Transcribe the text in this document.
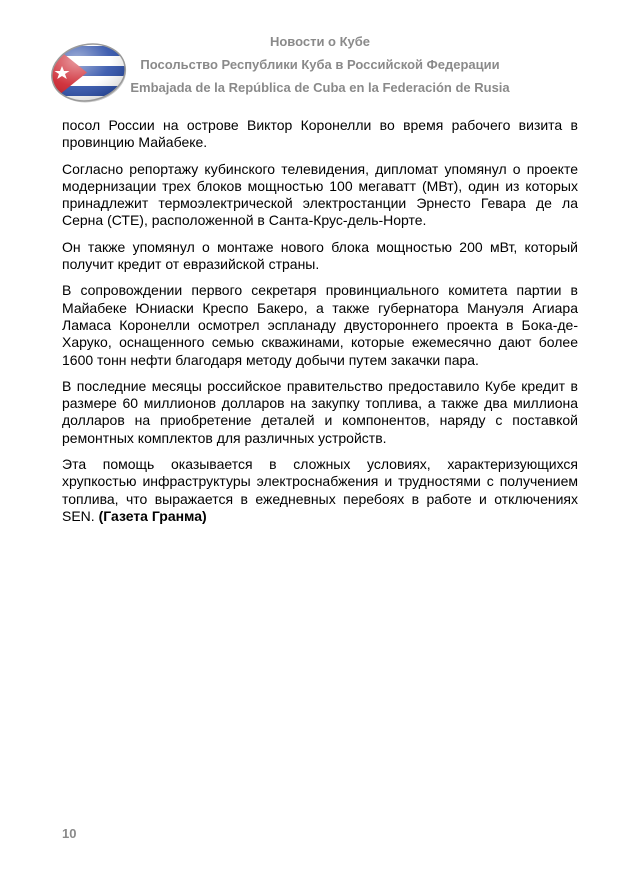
Новости о Кубе
Посольство Республики Куба в Российской Федерации
Embajada de la República de Cuba en la Federación de Rusia

посол России на острове Виктор Коронелли во время рабочего визита в провинцию Майабеке.

Согласно репортажу кубинского телевидения, дипломат упомянул о проекте модернизации трех блоков мощностью 100 мегаватт (МВт), один из которых принадлежит термоэлектрической электростанции Эрнесто Гевара де ла Серна (СТЕ), расположенной в Санта-Крус-дель-Норте.

Он также упомянул о монтаже нового блока мощностью 200 мВт, который получит кредит от евразийской страны.

В сопровождении первого секретаря провинциального комитета партии в Майабеке Юниаски Креспо Бакеро, а также губернатора Мануэля Агиара Ламаса Коронелли осмотрел эспланаду двустороннего проекта в Бока-де-Харуко, оснащенного семью скважинами, которые ежемесячно дают более 1600 тонн нефти благодаря методу добычи путем закачки пара.

В последние месяцы российское правительство предоставило Кубе кредит в размере 60 миллионов долларов на закупку топлива, а также два миллиона долларов на приобретение деталей и компонентов, наряду с поставкой ремонтных комплектов для различных устройств.

Эта помощь оказывается в сложных условиях, характеризующихся хрупкостью инфраструктуры электроснабжения и трудностями с получением топлива, что выражается в ежедневных перебоях в работе и отключениях SEN. (Газета Гранма)

10
